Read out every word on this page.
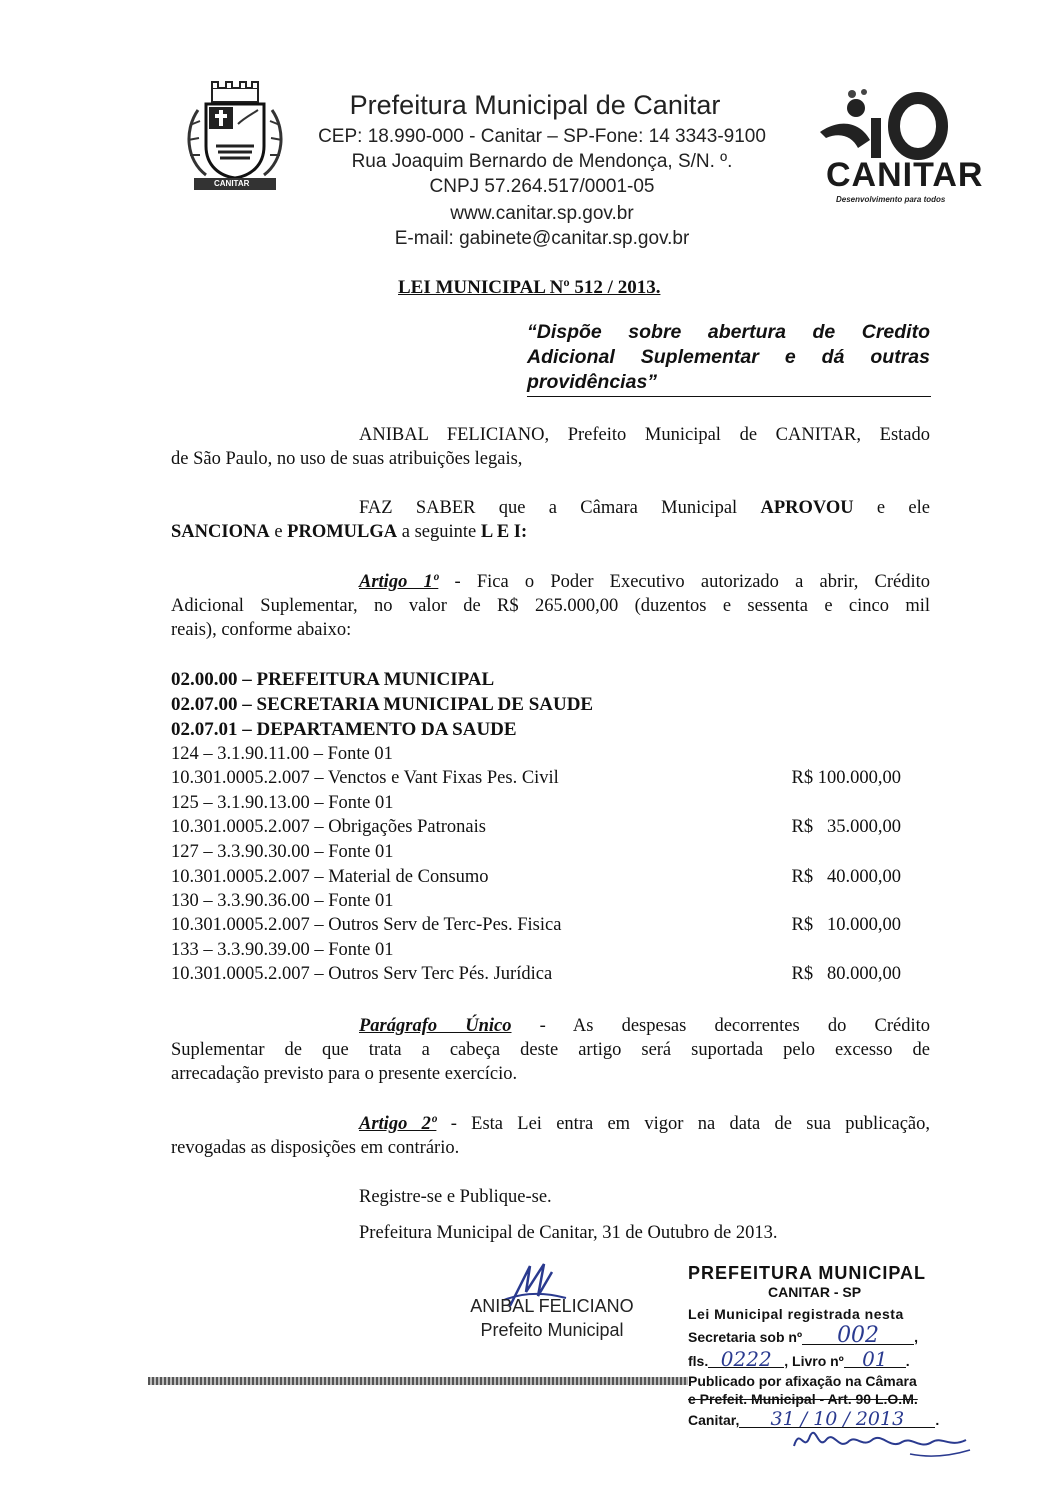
CANITAR
Prefeitura Municipal de Canitar
CEP: 18.990-000 - Canitar – SP-Fone: 14 3343-9100
Rua Joaquim Bernardo de Mendonça, S/N. º.
CNPJ 57.264.517/0001-05
www.canitar.sp.gov.br
E-mail: gabinete@canitar.sp.gov.br
CANITAR
Desenvolvimento para todos
LEI MUNICIPAL Nº 512 / 2013.
“Dispõe sobre abertura de Credito
Adicional Suplementar e dá outras
providências”
ANIBAL FELICIANO, Prefeito Municipal de CANITAR, Estado
de São Paulo, no uso de suas atribuições legais,
FAZ SABER que a Câmara Municipal APROVOU e ele
SANCIONA e PROMULGA a seguinte L E I:
Artigo 1º - Fica o Poder Executivo autorizado a abrir, Crédito
Adicional Suplementar, no valor de R$ 265.000,00 (duzentos e sessenta e cinco mil
reais), conforme abaixo:
02.00.00 – PREFEITURA MUNICIPAL
02.07.00 – SECRETARIA MUNICIPAL DE SAUDE
02.07.01 – DEPARTAMENTO DA SAUDE
124 – 3.1.90.11.00 – Fonte 01
10.301.0005.2.007 – Venctos e Vant Fixas Pes. Civil	R$ 100.000,00
125 – 3.1.90.13.00 – Fonte 01
10.301.0005.2.007 – Obrigações Patronais	R$   35.000,00
127 – 3.3.90.30.00 – Fonte 01
10.301.0005.2.007 – Material de Consumo	R$   40.000,00
130 – 3.3.90.36.00 – Fonte 01
10.301.0005.2.007 – Outros Serv de Terc-Pes. Fisica	R$   10.000,00
133 – 3.3.90.39.00 – Fonte 01
10.301.0005.2.007 – Outros Serv Terc Pés. Jurídica	R$   80.000,00
Parágrafo Único - As despesas decorrentes do Crédito
Suplementar de que trata a cabeça deste artigo será suportada pelo excesso de
arrecadação previsto para o presente exercício.
Artigo 2º - Esta Lei entra em vigor na data de sua publicação,
revogadas as disposições em contrário.
Registre-se e Publique-se.
Prefeitura Municipal de Canitar, 31 de Outubro de 2013.
ANIBAL FELICIANO
Prefeito Municipal
PREFEITURA MUNICIPAL
CANITAR - SP
Lei Municipal registrada nesta
Secretaria sob nº 002	,
fls. 0222 , Livro nº 01 .
Publicado por afixação na Câmara
e Prefeit. Municipal - Art. 90 L.O.M.
Canitar, 31 / 10 / 2013 .
